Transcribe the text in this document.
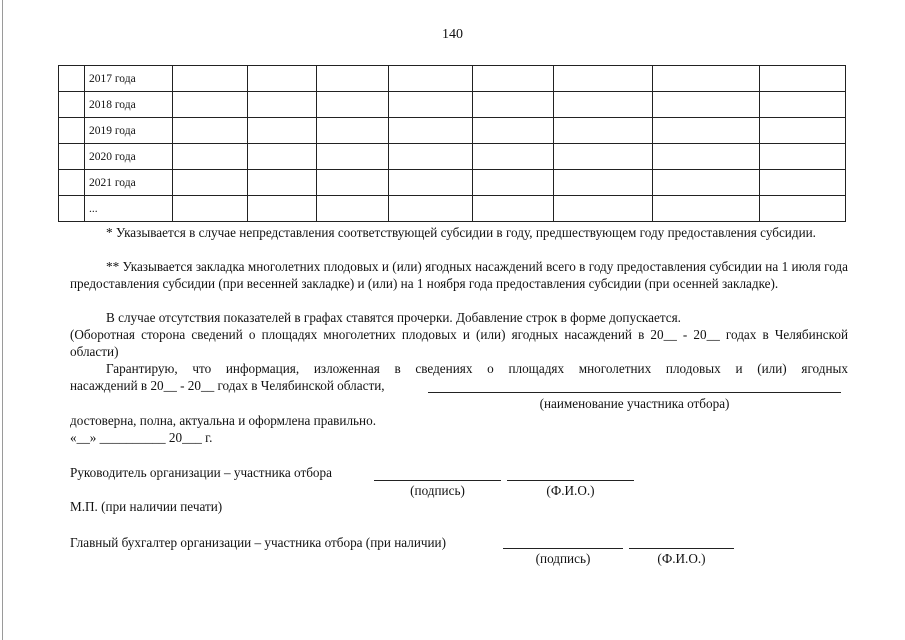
140
	2017 года								
	2018 года								
	2019 года								
	2020 года								
	2021 года								
	...								
* Указывается в случае непредставления соответствующей субсидии в году, предшествующем году предоставления субсидии.
** Указывается закладка многолетних плодовых и (или) ягодных насаждений всего в году предоставления субсидии на 1 июля года предоставления субсидии (при весенней закладке) и (или) на 1 ноября года предоставления субсидии (при осенней закладке).
В случае отсутствия показателей в графах ставятся прочерки. Добавление строк в форме допускается.
(Оборотная сторона сведений о площадях многолетних плодовых и (или) ягодных насаждений в 20__ - 20__ годах в Челябинской области)
Гарантирую, что информация, изложенная в сведениях о площадях многолетних плодовых и (или) ягодных
насаждений в 20__ - 20__ годах в Челябинской области,
(наименование участника отбора)
достоверна, полна, актуальна и оформлена правильно.
«__» __________ 20___ г.
Руководитель организации – участника отбора
(подпись)	(Ф.И.О.)
М.П. (при наличии печати)
Главный бухгалтер организации – участника отбора (при наличии)
(подпись)	(Ф.И.О.)
